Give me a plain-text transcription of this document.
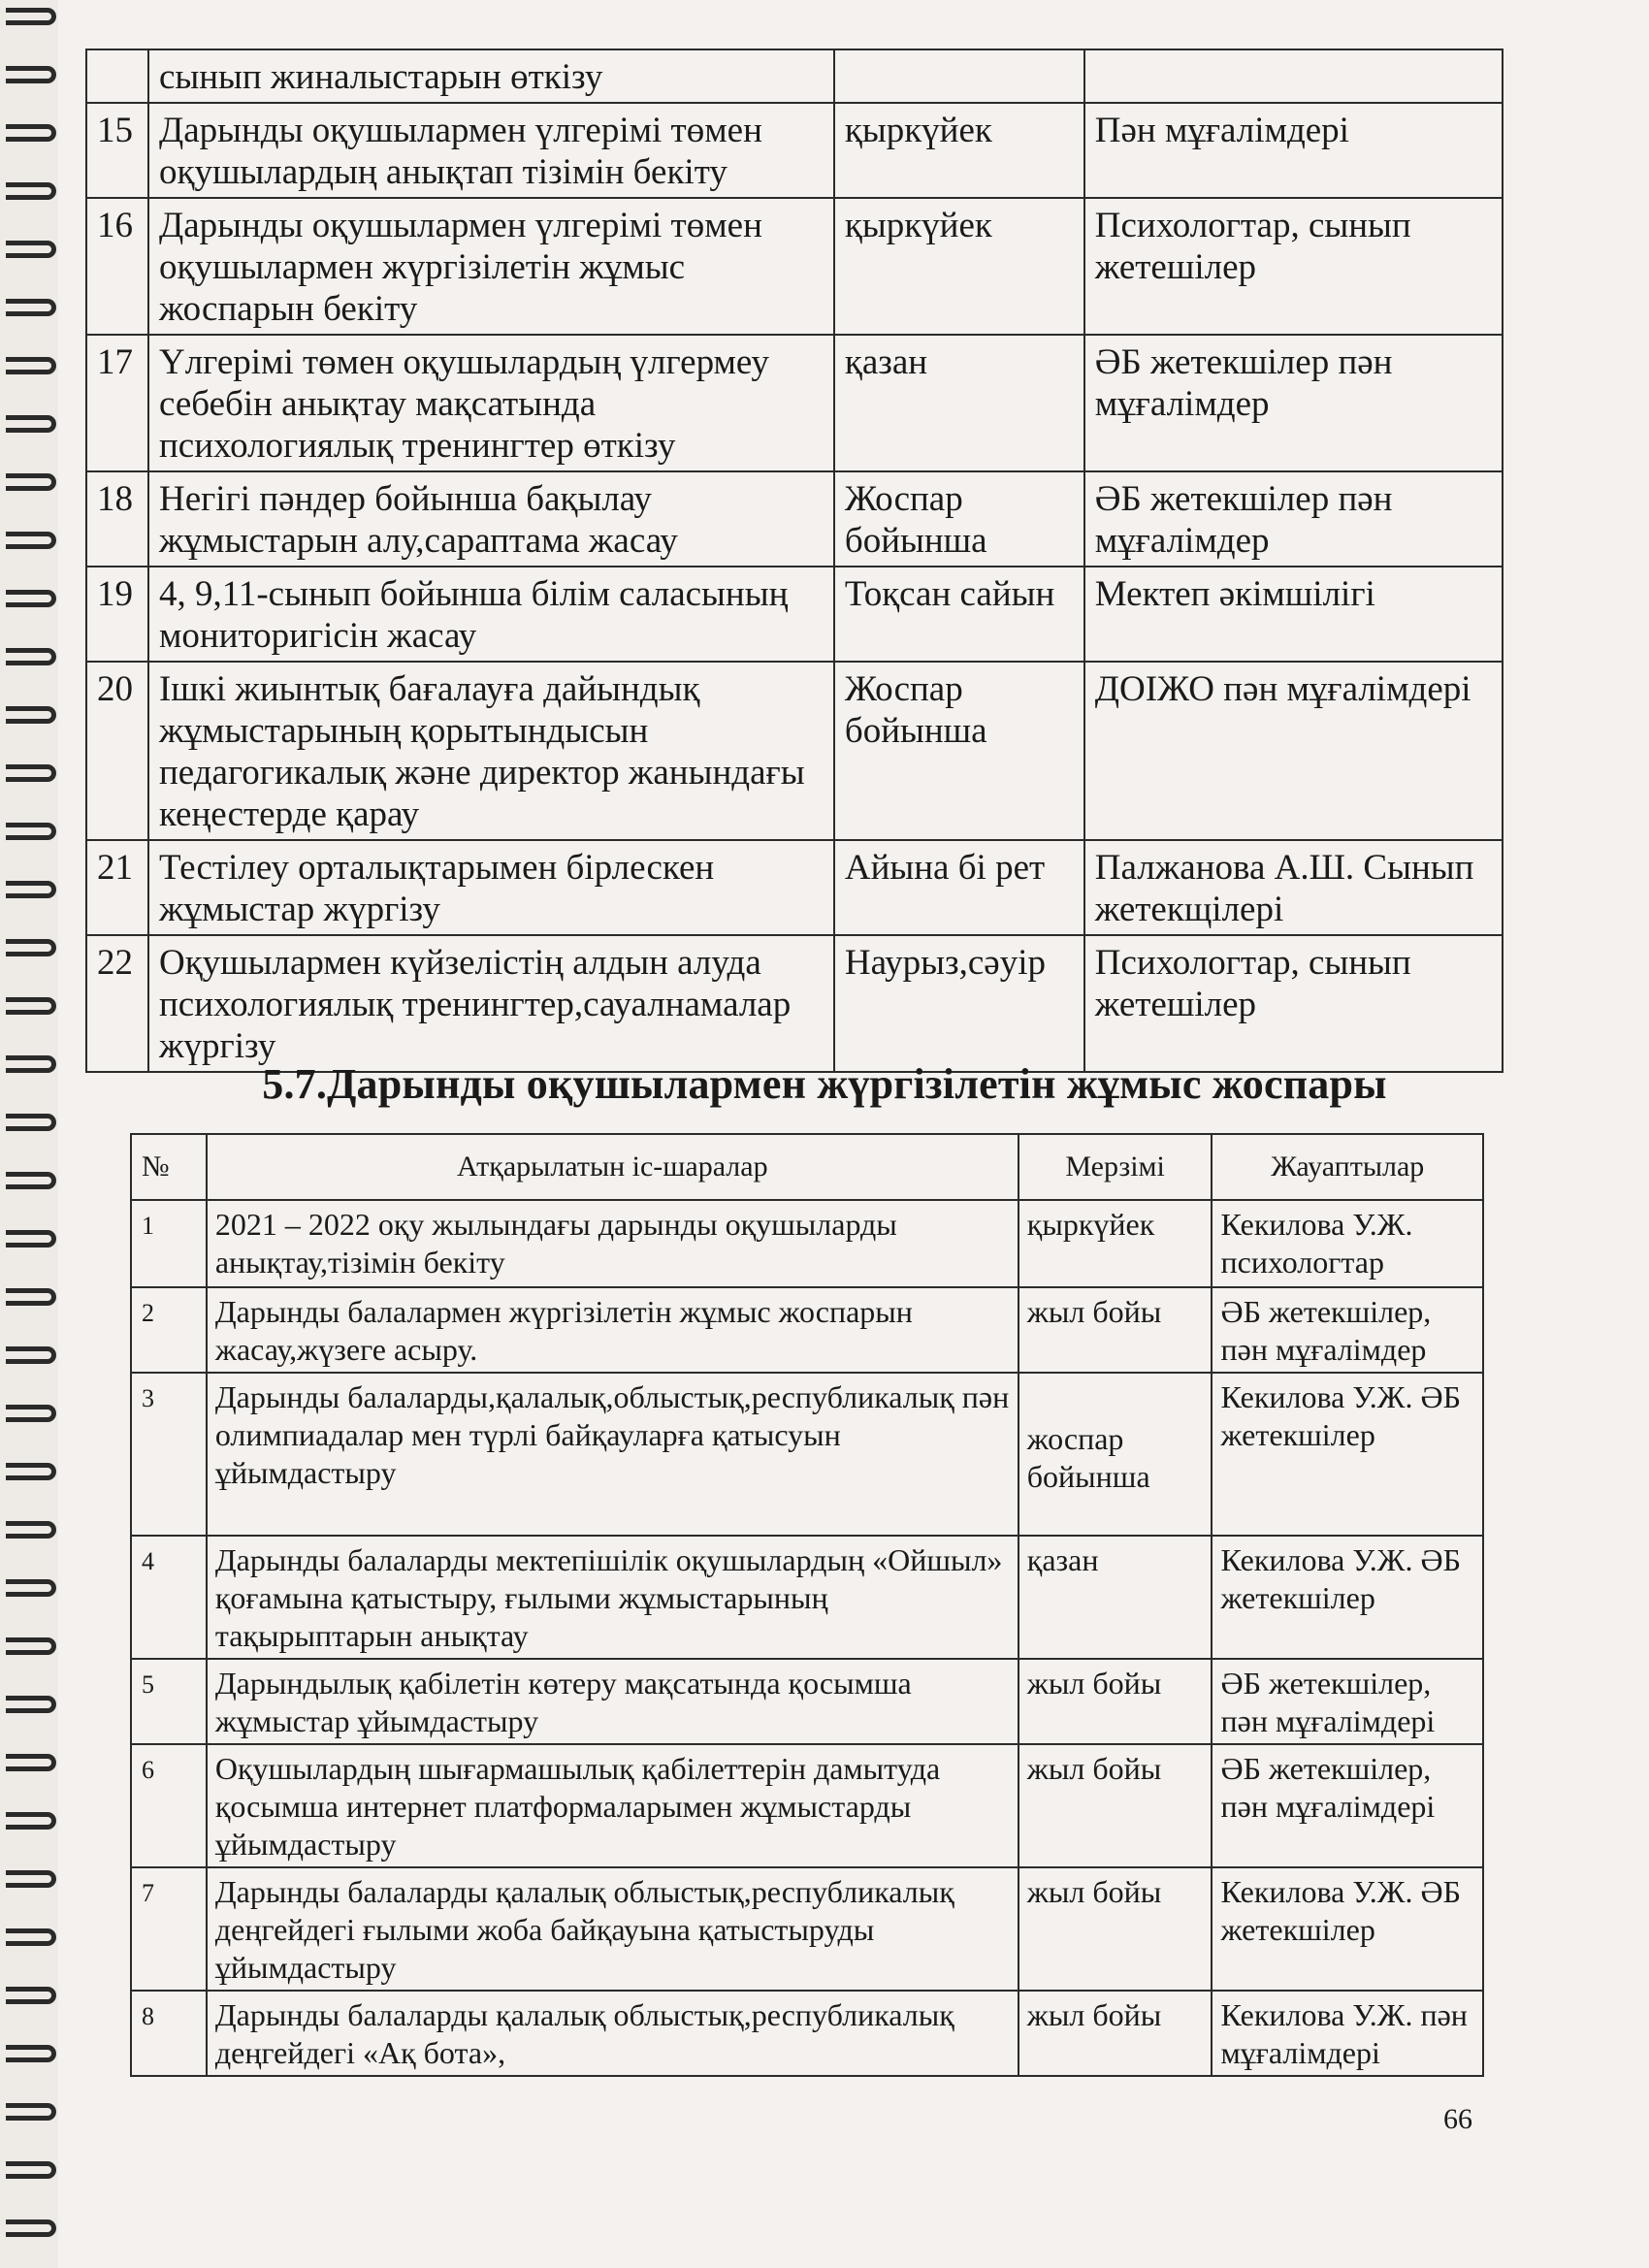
	сынып жиналыстарын өткізу		
15	Дарынды оқушылармен үлгерімі төмен оқушылардың анықтап тізімін бекіту	қыркүйек	Пән мұғалімдері
16	Дарынды оқушылармен үлгерімі төмен оқушылармен жүргізілетін жұмыс жоспарын бекіту	қыркүйек	Психологтар, сынып жетешілер
17	Үлгерімі төмен оқушылардың үлгермеу себебін анықтау мақсатында психологиялық тренингтер өткізу	қазан	ӘБ жетекшілер пән мұғалімдер
18	Негігі пәндер бойынша бақылау жұмыстарын алу,сараптама жасау	Жоспар бойынша	ӘБ жетекшілер пән мұғалімдер
19	4, 9,11-сынып бойынша білім саласының мониторигісін жасау	Тоқсан сайын	Мектеп әкімшілігі
20	Ішкі жиынтық бағалауға дайындық жұмыстарының қорытындысын педагогикалық және директор жанындағы кеңестерде қарау	Жоспар бойынша	ДОІЖО пән мұғалімдері
21	Тестілеу орталықтарымен бірлескен жұмыстар жүргізу	Айына бі рет	Палжанова А.Ш. Сынып жетекщілері
22	Оқушылармен күйзелістің алдын алуда психологиялық тренингтер,сауалнамалар жүргізу	Наурыз,сәуір	Психологтар, сынып жетешілер
5.7.Дарынды оқушылармен жүргізілетін жұмыс жоспары
№	Атқарылатын іс-шаралар	Мерзімі	Жауаптылар
1	2021 – 2022 оқу жылындағы дарынды оқушыларды анықтау,тізімін бекіту	қыркүйек	Кекилова У.Ж. психологтар
2	Дарынды балалармен жүргізілетін жұмыс жоспарын жасау,жүзеге асыру.	жыл бойы	ӘБ жетекшілер, пән мұғалімдер
3	Дарынды балаларды,қалалық,облыстық,республикалық пән олимпиадалар мен түрлі байқауларға қатысуын ұйымдастыру	жоспар бойынша	Кекилова У.Ж. ӘБ жетекшілер
4	Дарынды балаларды мектепішілік оқушылардың «Ойшыл» қоғамына қатыстыру, ғылыми жұмыстарының тақырыптарын анықтау	қазан	Кекилова У.Ж. ӘБ жетекшілер
5	Дарындылық қабілетін көтеру мақсатында қосымша жұмыстар ұйымдастыру	жыл бойы	ӘБ жетекшілер, пән мұғалімдері
6	Оқушылардың шығармашылық қабілеттерін дамытуда қосымша интернет платформаларымен жұмыстарды ұйымдастыру	жыл бойы	ӘБ жетекшілер, пән мұғалімдері
7	Дарынды балаларды қалалық облыстық,республикалық деңгейдегі ғылыми жоба байқауына қатыстыруды ұйымдастыру	жыл бойы	Кекилова У.Ж. ӘБ жетекшілер
8	Дарынды балаларды қалалық облыстық,республикалық деңгейдегі «Ақ бота»,	жыл бойы	Кекилова У.Ж. пән мұғалімдері
66
